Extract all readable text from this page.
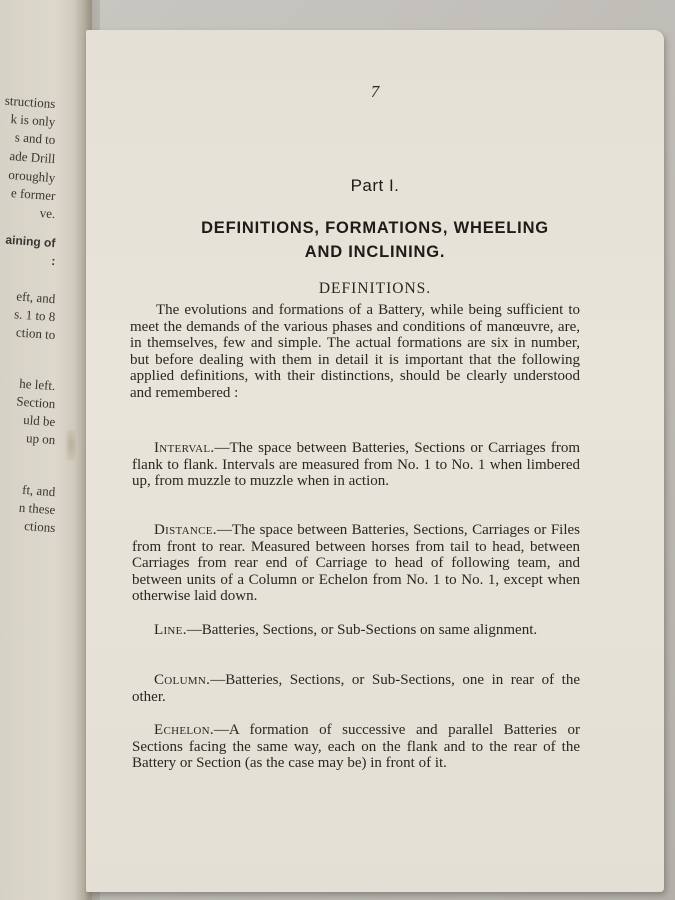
structions
k is only
s and to
ade Drill
oroughly
e former
ve.
aining of
:
eft, and
s. 1 to 8
ction to
he left.
Section
uld be
up on
ft, and
n these
ctions
7
Part I.
DEFINITIONS, FORMATIONS, WHEELING
AND INCLINING.
DEFINITIONS.
The evolutions and formations of a Battery, while being sufficient to meet the demands of the various phases and conditions of manœuvre, are, in themselves, few and simple. The actual formations are six in number, but before dealing with them in detail it is important that the following applied definitions, with their distinctions, should be clearly understood and remembered :

Interval.—The space between Batteries, Sections or Carriages from flank to flank. Intervals are measured from No. 1 to No. 1 when limbered up, from muzzle to muzzle when in action.

Distance.—The space between Batteries, Sections, Carriages or Files from front to rear. Measured between horses from tail to head, between Carriages from rear end of Carriage to head of following team, and between units of a Column or Echelon from No. 1 to No. 1, except when otherwise laid down.

Line.—Batteries, Sections, or Sub-Sections on same alignment.

Column.—Batteries, Sections, or Sub-Sections, one in rear of the other.

Echelon.—A formation of successive and parallel Batteries or Sections facing the same way, each on the flank and to the rear of the Battery or Section (as the case may be) in front of it.
